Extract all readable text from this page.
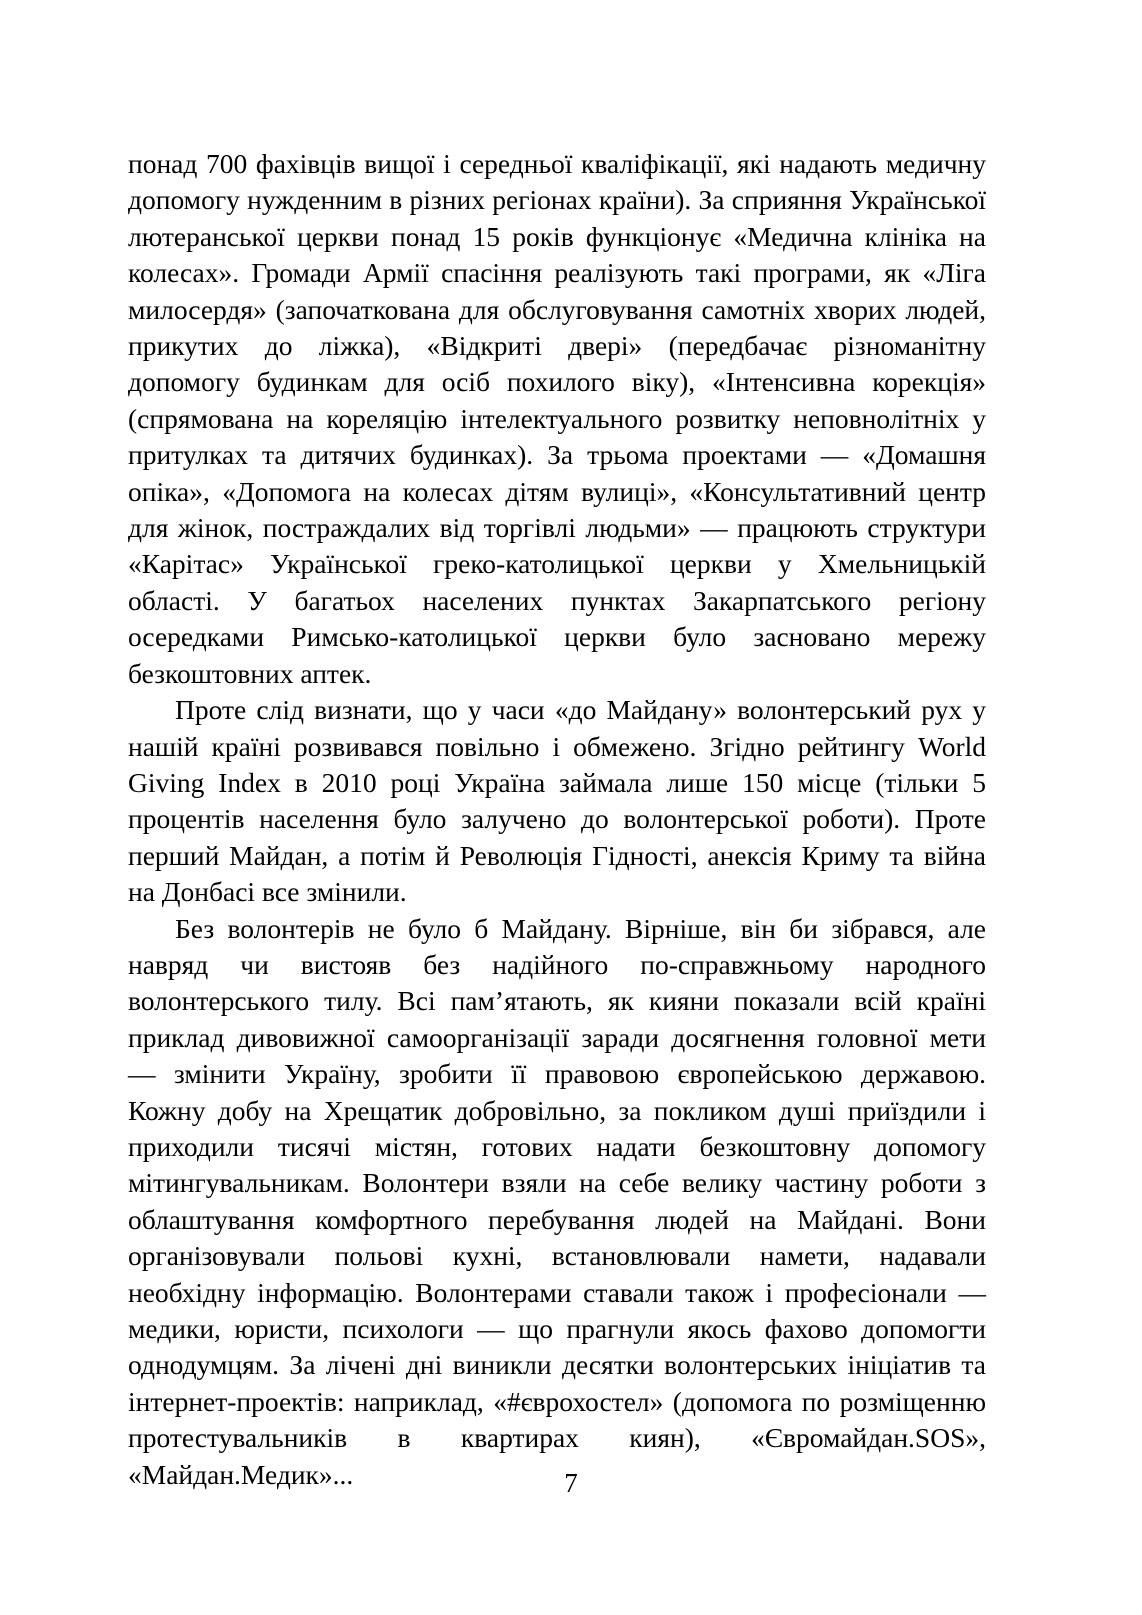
понад 700 фахівців вищої і середньої кваліфікації, які надають медичну допомогу нужденним в різних регіонах країни). За сприяння Української лютеранської церкви понад 15 років функціонує «Медична клініка на колесах». Громади Армії спасіння реалізують такі програми, як «Ліга милосердя» (започаткована для обслуговування самотніх хворих людей, прикутих до ліжка), «Відкриті двері» (передбачає різноманітну допомогу будинкам для осіб похилого віку), «Інтенсивна корекція» (спрямована на кореляцію інтелектуального розвитку неповнолітніх у притулках та дитячих будинках). За трьома проектами — «Домашня опіка», «Допомога на колесах дітям вулиці», «Консультативний центр для жінок, постраждалих від торгівлі людьми» — працюють структури «Карітас» Української греко-католицької церкви у Хмельницькій області. У багатьох населених пунктах Закарпатського регіону осередками Римсько-католицької церкви було засновано мережу безкоштовних аптек.

Проте слід визнати, що у часи «до Майдану» волонтерський рух у нашій країні розвивався повільно і обмежено. Згідно рейтингу World Giving Index в 2010 році Україна займала лише 150 місце (тільки 5 процентів населення було залучено до волонтерської роботи). Проте перший Майдан, а потім й Революція Гідності, анексія Криму та війна на Донбасі все змінили.

Без волонтерів не було б Майдану. Вірніше, він би зібрався, але навряд чи вистояв без надійного по-справжньому народного волонтерського тилу. Всі пам’ятають, як кияни показали всій країні приклад дивовижної самоорганізації заради досягнення головної мети — змінити Україну, зробити її правовою європейською державою. Кожну добу на Хрещатик добровільно, за покликом душі приїздили і приходили тисячі містян, готових надати безкоштовну допомогу мітингувальникам. Волонтери взяли на себе велику частину роботи з облаштування комфортного перебування людей на Майдані. Вони організовували польові кухні, встановлювали намети, надавали необхідну інформацію. Волонтерами ставали також і професіонали — медики, юристи, психологи — що прагнули якось фахово допомогти однодумцям. За лічені дні виникли десятки волонтерських ініціатив та інтернет-проектів: наприклад, «#єврохостел» (допомога по розміщенню протестувальників в квартирах киян), «Євромайдан.SOS», «Майдан.Медик»...	7
